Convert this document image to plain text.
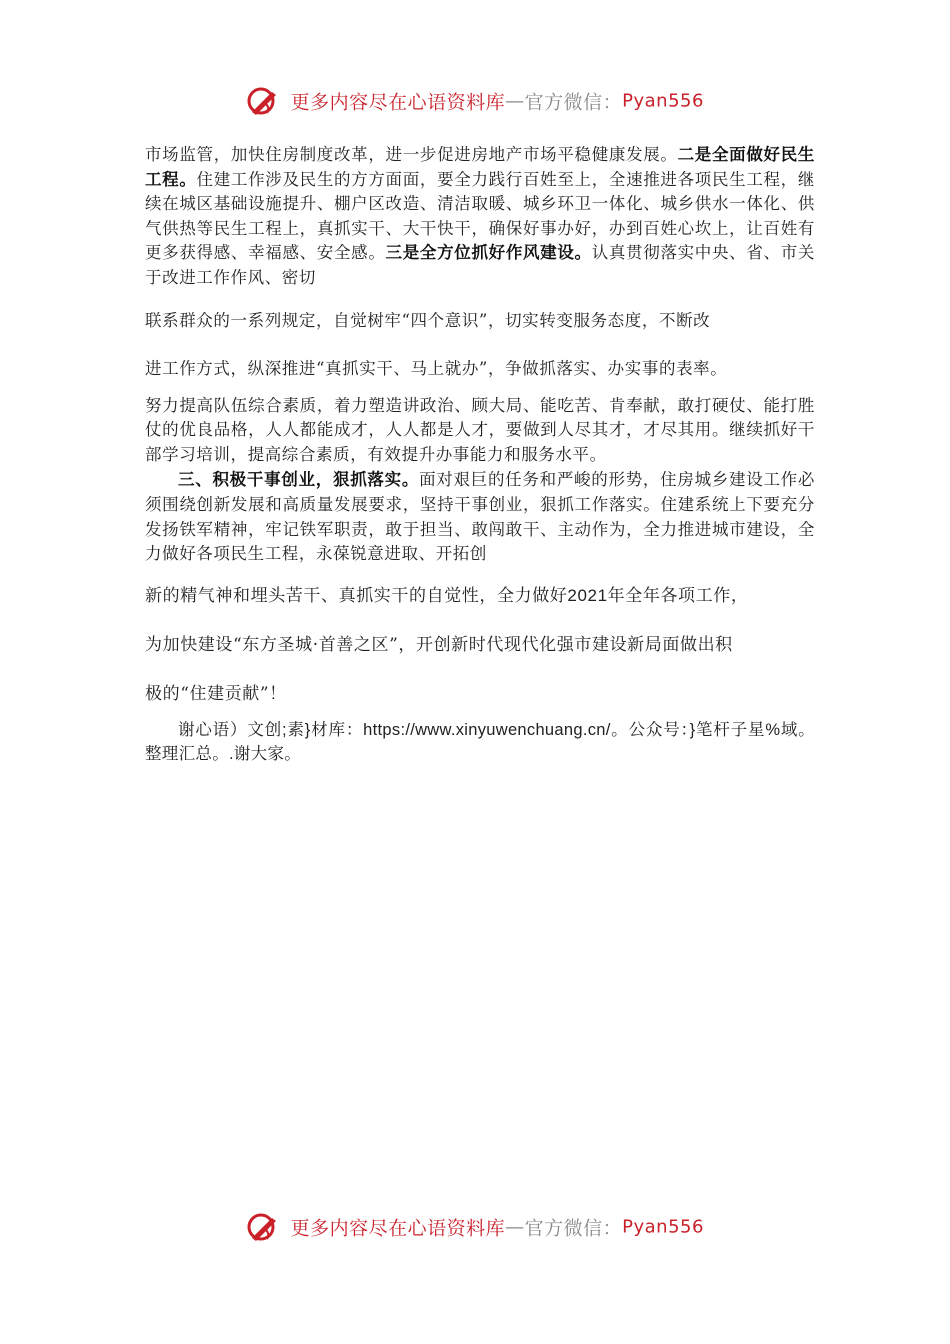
更多内容尽在心语资料库—官方微信：Pyan556

市场监管，加快住房制度改革，进一步促进房地产市场平稳健康发展。二是全面做好民生工程。住建工作涉及民生的方方面面，要全力践行百姓至上，全速推进各项民生工程，继续在城区基础设施提升、棚户区改造、清洁取暖、城乡环卫一体化、城乡供水一体化、供气供热等民生工程上，真抓实干、大干快干，确保好事办好，办到百姓心坎上，让百姓有更多获得感、幸福感、安全感。三是全方位抓好作风建设。认真贯彻落实中央、省、市关于改进工作作风、密切

联系群众的一系列规定，自觉树牢“四个意识”，切实转变服务态度，不断改

进工作方式，纵深推进“真抓实干、马上就办”，争做抓落实、办实事的表率。

努力提高队伍综合素质，着力塑造讲政治、顾大局、能吃苦、肯奉献，敢打硬仗、能打胜仗的优良品格，人人都能成才，人人都是人才，要做到人尽其才，才尽其用。继续抓好干部学习培训，提高综合素质，有效提升办事能力和服务水平。

三、积极干事创业，狠抓落实。面对艰巨的任务和严峻的形势，住房城乡建设工作必须围绕创新发展和高质量发展要求，坚持干事创业，狠抓工作落实。住建系统上下要充分发扬铁军精神，牢记铁军职责，敢于担当、敢闯敢干、主动作为，全力推进城市建设，全力做好各项民生工程，永葆锐意进取、开拓创

新的精气神和埋头苦干、真抓实干的自觉性，全力做好2021年全年各项工作，

为加快建设“东方圣城·首善之区”，开创新时代现代化强市建设新局面做出积

极的“住建贡献”！

谢心语）文创;素}材库：https://www.xinyuwenchuang.cn/。公众号：}笔杆子星%域。整理汇总。.谢大家。

更多内容尽在心语资料库—官方微信：Pyan556
